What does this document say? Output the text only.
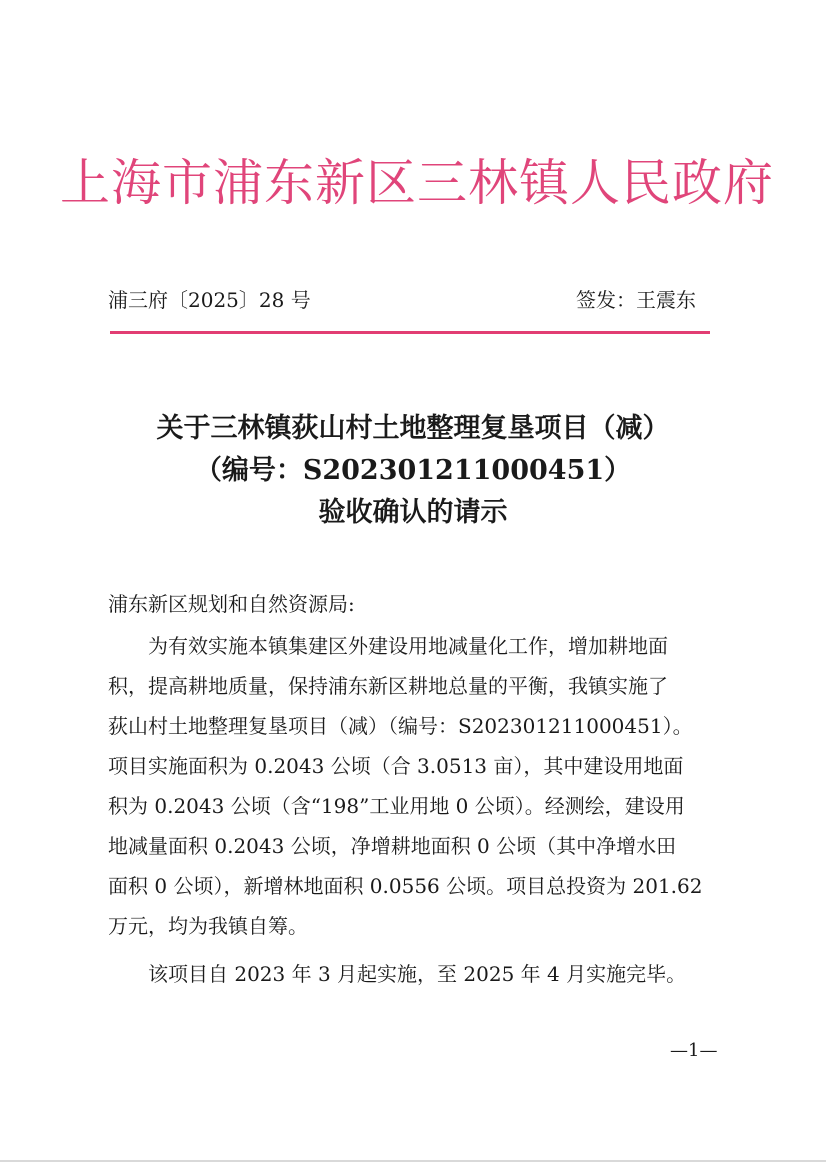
上海市浦东新区三林镇人民政府
浦三府〔2025〕28 号	签发：王震东
关于三林镇荻山村土地整理复垦项目（减）
（编号：S202301211000451）
验收确认的请示
浦东新区规划和自然资源局:
为有效实施本镇集建区外建设用地减量化工作，增加耕地面
积，提高耕地质量，保持浦东新区耕地总量的平衡，我镇实施了
荻山村土地整理复垦项目（减）（编号：S202301211000451）。
项目实施面积为 0.2043 公顷（合 3.0513 亩），其中建设用地面
积为 0.2043 公顷（含“198”工业用地 0 公顷）。经测绘，建设用
地减量面积 0.2043 公顷，净增耕地面积 0 公顷（其中净增水田
面积 0 公顷），新增林地面积 0.0556 公顷。项目总投资为 201.62
万元，均为我镇自筹。
该项目自 2023 年 3 月起实施，至 2025 年 4 月实施完毕。
—1—
